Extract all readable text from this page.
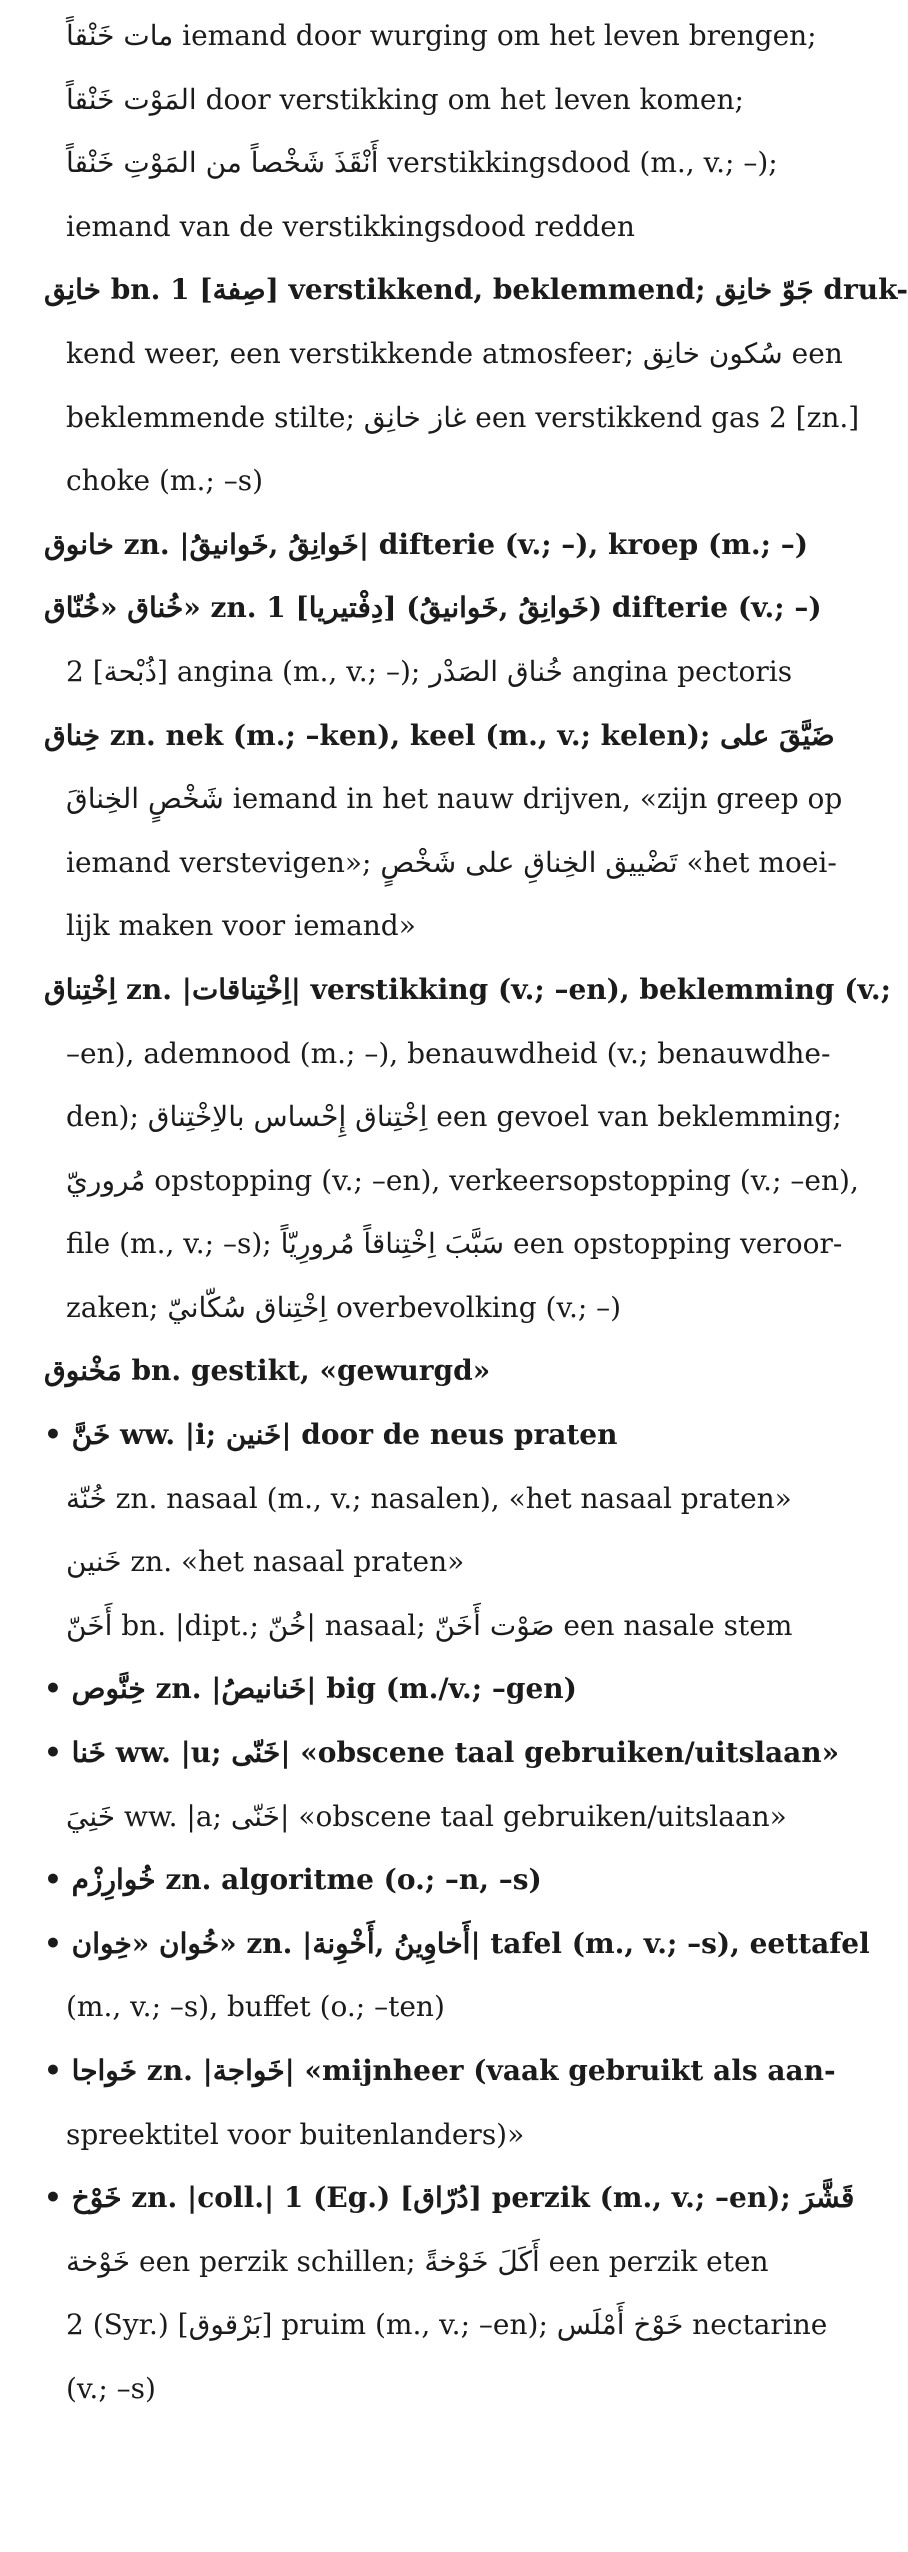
مات خَنْقاً iemand door wurging om het leven brengen;
المَوْت خَنْقاً door verstikking om het leven komen;
أَنْقَذَ شَخْصاً من المَوْتِ خَنْقاً verstikkingsdood (m., v.; –);
iemand van de verstikkingsdood redden
خانِق bn. 1 [صِفة] verstikkend, beklemmend; جَوّ خانِق druk-
kend weer, een verstikkende atmosfeer; سُكون خانِق een
beklemmende stilte; غاز خانِق een verstikkend gas 2 [zn.]
choke (m.; –s)
خانوق zn. |خَوانِقُ ,خَوانيقُ| difterie (v.; –), kroep (m.; –)
خُناق «خُنّاق» zn. 1 [دِفْتيريا] (خَوانِقُ ,خَوانيقُ) difterie (v.; –)
2 [ذُبْحة] angina (m., v.; –); خُناق الصَدْر angina pectoris
خِناق zn. nek (m.; –ken), keel (m., v.; kelen); ضَيَّقَ على
شَخْصٍ الخِناقَ iemand in het nauw drijven, «zijn greep op
iemand verstevigen»; تَضْييق الخِناقِ على شَخْصٍ «het moei-
lijk maken voor iemand»
اِخْتِناق zn. |اِخْتِناقات| verstikking (v.; –en), beklemming (v.;
–en), ademnood (m.; –), benauwdheid (v.; benauwdhe-
den); اِخْتِناق إِحْساس بالاِخْتِناق een gevoel van beklemming;
مُروريّ opstopping (v.; –en), verkeersopstopping (v.; –en),
file (m., v.; –s); سَبَّبَ اِخْتِناقاً مُرورِيّاً een opstopping veroor-
zaken; اِخْتِناق سُكّانيّ overbevolking (v.; –)
مَخْنوق bn. gestikt, «gewurgd»
• خَنَّ ww. |i; خَنين| door de neus praten
خُنّة zn. nasaal (m., v.; nasalen), «het nasaal praten»
خَنين zn. «het nasaal praten»
أَخَنّ bn. |dipt.; خُنّ| nasaal; صَوْت أَخَنّ een nasale stem
• خِنَّوص zn. |خَنانيصُ| big (m./v.; –gen)
• خَنا ww. |u; خَنّى| «obscene taal gebruiken/uitslaan»
خَنِيَ ww. |a; خَنّى| «obscene taal gebruiken/uitslaan»
• خُوارِزْم zn. algoritme (o.; –n, –s)
• خُوان «خِوان» zn. |أَخاوِينُ ,أَخْوِنة| tafel (m., v.; –s), eettafel
(m., v.; –s), buffet (o.; –ten)
• خَواجا zn. |خَواجة| «mijnheer (vaak gebruikt als aan-
spreektitel voor buitenlanders)»
• خَوْخ zn. |coll.| 1 (Eg.) [دُرّاق] perzik (m., v.; –en); قَشَّرَ
خَوْخة een perzik schillen; أَكَلَ خَوْخةً een perzik eten
2 (Syr.) [بَرْقوق] pruim (m., v.; –en); خَوْخ أَمْلَس nectarine
(v.; –s)
